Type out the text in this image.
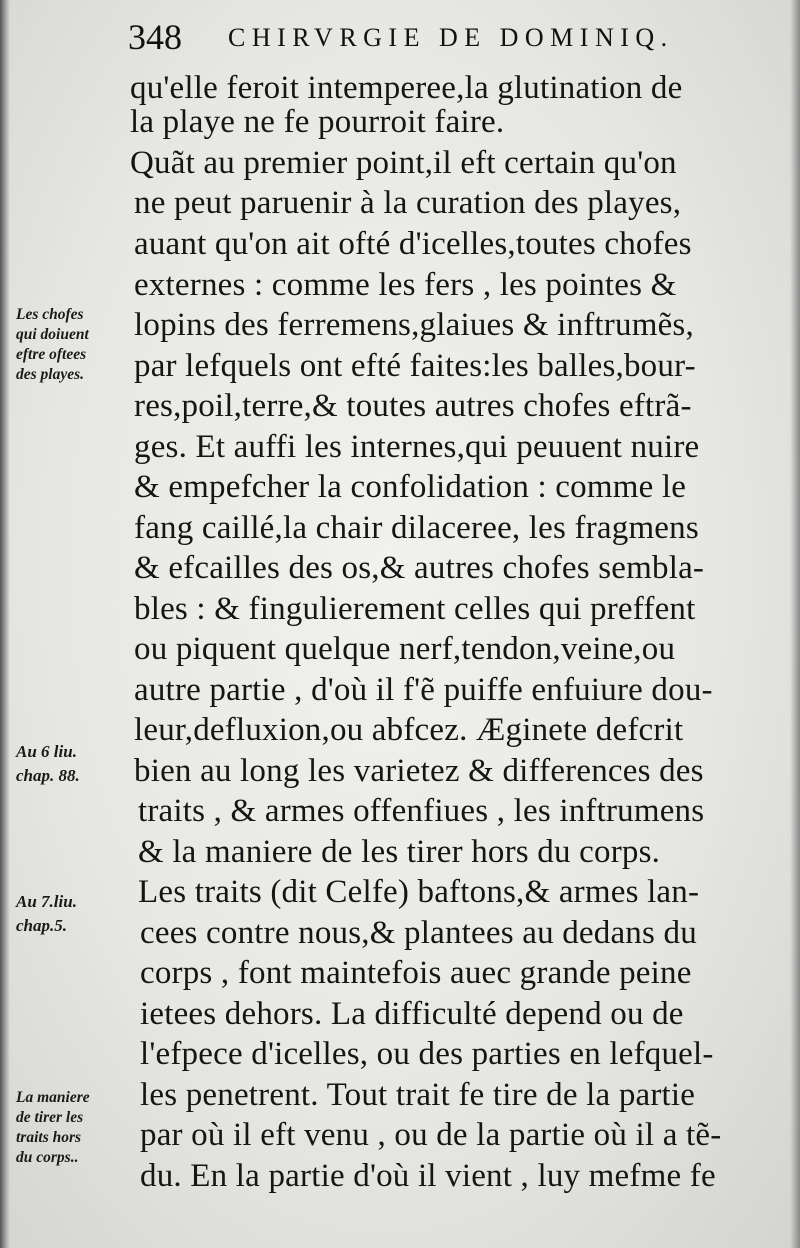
348 CHIRVRGIE DE DOMINIQ.
qu'elle feroit intemperee,la glutination de
la playe ne fe pourroit faire.
Quãt au premier point,il eft certain qu'on
ne peut paruenir à la curation des playes,
auant qu'on ait ofté d'icelles,toutes chofes
externes : comme les fers , les pointes &
lopins des ferremens,glaiues & inftrumẽs,
par lefquels ont efté faites:les balles,bour-
res,poil,terre,& toutes autres chofes eftrã-
ges. Et auffi les internes,qui peuuent nuire
& empefcher la confolidation : comme le
fang caillé,la chair dilaceree, les fragmens
& efcailles des os,& autres chofes sembla-
bles : & fingulierement celles qui preffent
ou piquent quelque nerf,tendon,veine,ou
autre partie , d'où il f'ẽ puiffe enfuiure dou-
leur,defluxion,ou abfcez. Æginete defcrit
bien au long les varietez & differences des
traits , & armes offenfiues , les inftrumens
& la maniere de les tirer hors du corps.
Les traits (dit Celfe) baftons,& armes lan-
cees contre nous,& plantees au dedans du
corps , font maintefois auec grande peine
ietees dehors. La difficulté depend ou de
l'efpece d'icelles, ou des parties en lefquel-
les penetrent. Tout trait fe tire de la partie
par où il eft venu , ou de la partie où il a tẽ-
du. En la partie d'où il vient , luy mefme fe
Les chofes
qui doiuent
eftre oftees
des playes.
Au 6 liu.
chap. 88.
Au 7.liu.
chap.5.
La maniere
de tirer les
traits hors
du corps..
